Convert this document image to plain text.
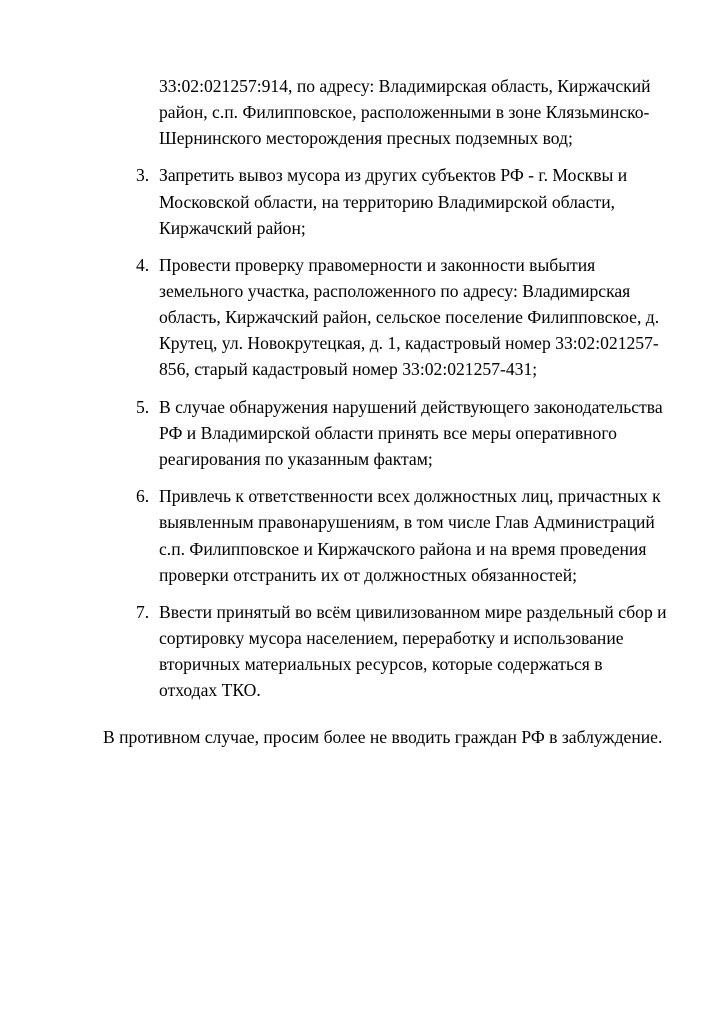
33:02:021257:914, по адресу: Владимирская область, Киржачский
район, с.п. Филипповское, расположенными в зоне Клязьминско-
Шернинского месторождения пресных подземных вод;
3. Запретить вывоз мусора из других субъектов РФ - г. Москвы и
Московской области, на территорию Владимирской области,
Киржачский район;
4. Провести проверку правомерности и законности выбытия
земельного участка, расположенного по адресу: Владимирская
область, Киржачский район, сельское поселение Филипповское, д.
Крутец, ул. Новокрутецкая, д. 1, кадастровый номер 33:02:021257-
856, старый кадастровый номер 33:02:021257-431;
5. В случае обнаружения нарушений действующего законодательства
РФ и Владимирской области принять все меры оперативного
реагирования по указанным фактам;
6. Привлечь к ответственности всех должностных лиц, причастных к
выявленным правонарушениям, в том числе Глав Администраций
с.п. Филипповское и Киржачского района и на время проведения
проверки отстранить их от должностных обязанностей;
7. Ввести принятый во всём цивилизованном мире раздельный сбор и
сортировку мусора населением, переработку и использование
вторичных материальных ресурсов, которые содержаться в
отходах ТКО.
В противном случае, просим более не вводить граждан РФ в заблуждение.
